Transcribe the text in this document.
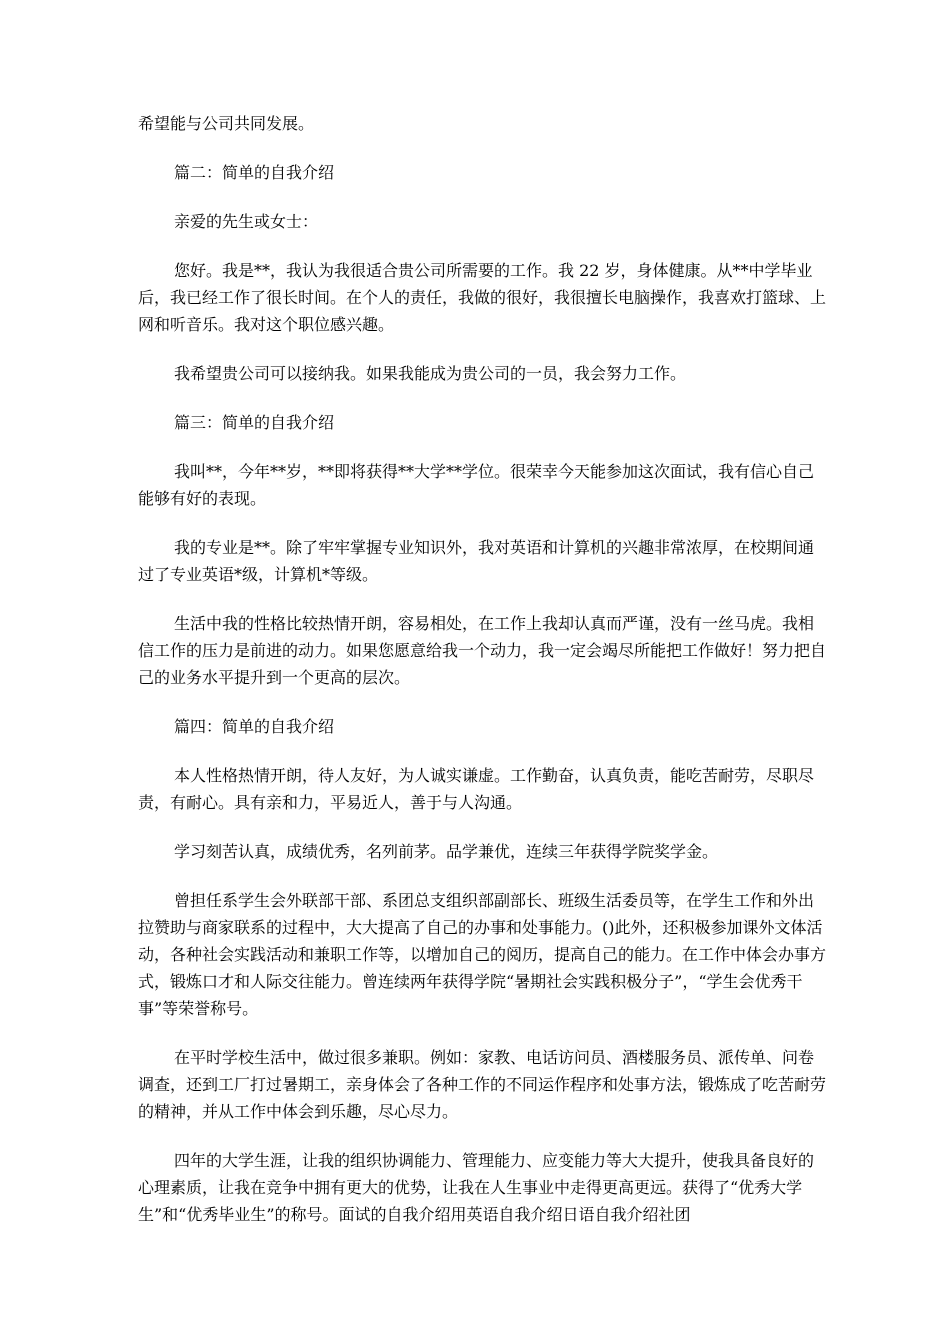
希望能与公司共同发展。

篇二：简单的自我介绍

亲爱的先生或女士：

您好。我是**，我认为我很适合贵公司所需要的工作。我 22 岁，身体健康。从**中学毕业后，我已经工作了很长时间。在个人的责任，我做的很好，我很擅长电脑操作，我喜欢打篮球、上网和听音乐。我对这个职位感兴趣。

我希望贵公司可以接纳我。如果我能成为贵公司的一员，我会努力工作。

篇三：简单的自我介绍

我叫**，今年**岁，**即将获得**大学**学位。很荣幸今天能参加这次面试，我有信心自己能够有好的表现。

我的专业是**。除了牢牢掌握专业知识外，我对英语和计算机的兴趣非常浓厚，在校期间通过了专业英语*级，计算机*等级。

生活中我的性格比较热情开朗，容易相处，在工作上我却认真而严谨，没有一丝马虎。我相信工作的压力是前进的动力。如果您愿意给我一个动力，我一定会竭尽所能把工作做好！努力把自己的业务水平提升到一个更高的层次。

篇四：简单的自我介绍

本人性格热情开朗，待人友好，为人诚实谦虚。工作勤奋，认真负责，能吃苦耐劳，尽职尽责，有耐心。具有亲和力，平易近人，善于与人沟通。

学习刻苦认真，成绩优秀，名列前茅。品学兼优，连续三年获得学院奖学金。

曾担任系学生会外联部干部、系团总支组织部副部长、班级生活委员等，在学生工作和外出拉赞助与商家联系的过程中，大大提高了自己的办事和处事能力。()此外，还积极参加课外文体活动，各种社会实践活动和兼职工作等，以增加自己的阅历，提高自己的能力。在工作中体会办事方式，锻炼口才和人际交往能力。曾连续两年获得学院“暑期社会实践积极分子”，“学生会优秀干事”等荣誉称号。

在平时学校生活中，做过很多兼职。例如：家教、电话访问员、酒楼服务员、派传单、问卷调查，还到工厂打过暑期工，亲身体会了各种工作的不同运作程序和处事方法，锻炼成了吃苦耐劳的精神，并从工作中体会到乐趣，尽心尽力。

四年的大学生涯，让我的组织协调能力、管理能力、应变能力等大大提升，使我具备良好的心理素质，让我在竞争中拥有更大的优势，让我在人生事业中走得更高更远。获得了“优秀大学生”和“优秀毕业生”的称号。面试的自我介绍用英语自我介绍日语自我介绍社团
